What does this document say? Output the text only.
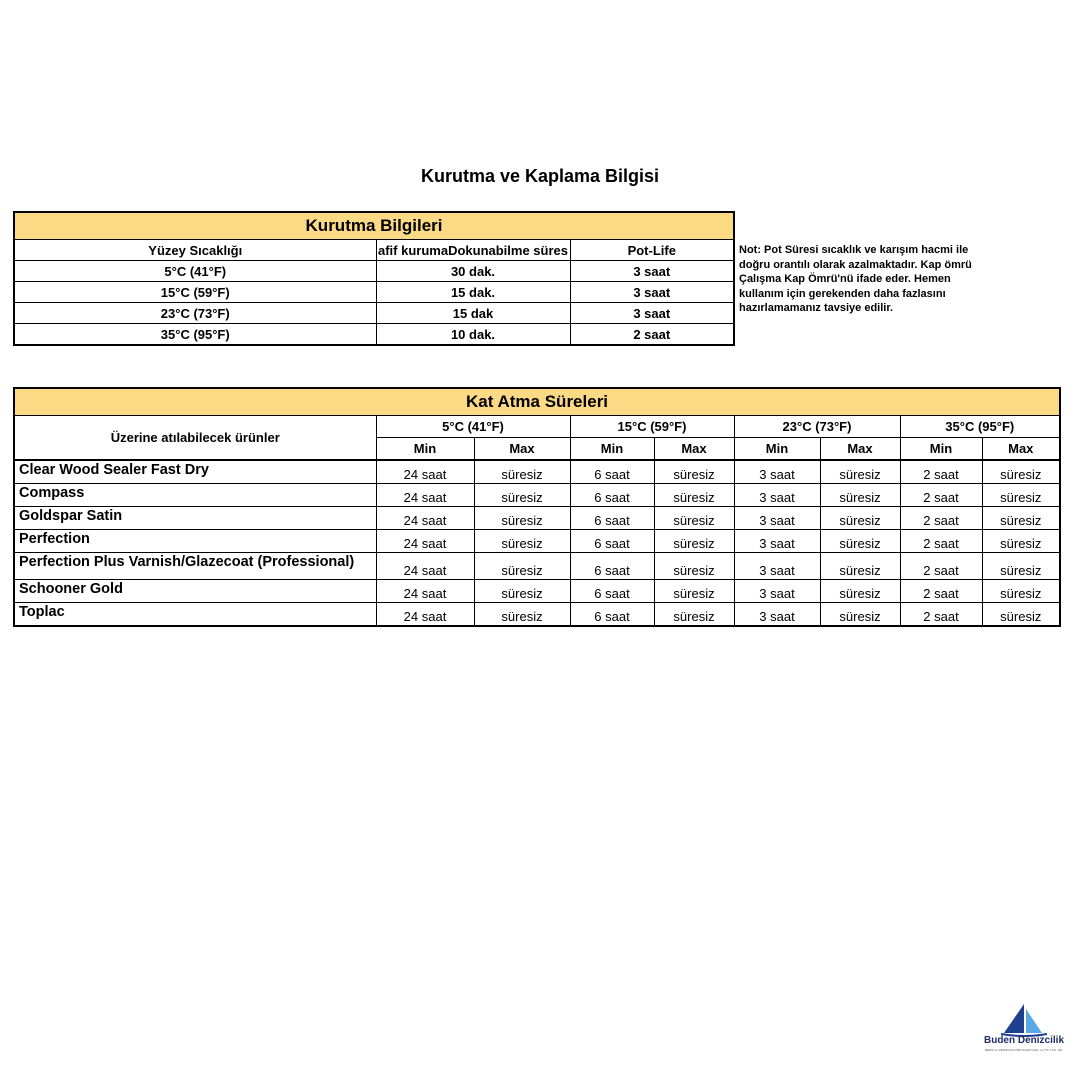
Kurutma ve Kaplama Bilgisi
Kurutma Bilgileri		
Yüzey Sıcaklığı	afif kurumaDokunabilme süres	Pot-Life
5°C (41°F)	30 dak.	3 saat
15°C (59°F)	15 dak.	3 saat
23°C (73°F)	15 dak	3 saat
35°C (95°F)	10 dak.	2 saat
Not: Pot Süresi sıcaklık ve karışım hacmi ile doğru orantılı olarak azalmaktadır. Kap ömrü Çalışma Kap Ömrü'nü ifade eder. Hemen kullanım için gerekenden daha fazlasını hazırlamamanız tavsiye edilir.
Kat Atma Süreleri								
Üzerine atılabilecek ürünler	5°C (41°F)		15°C (59°F)		23°C (73°F)		35°C (95°F)	
	Min	Max	Min	Max	Min	Max	Min	Max
Clear Wood Sealer Fast Dry	24 saat	süresiz	6 saat	süresiz	3 saat	süresiz	2 saat	süresiz
Compass	24 saat	süresiz	6 saat	süresiz	3 saat	süresiz	2 saat	süresiz
Goldspar Satin	24 saat	süresiz	6 saat	süresiz	3 saat	süresiz	2 saat	süresiz
Perfection	24 saat	süresiz	6 saat	süresiz	3 saat	süresiz	2 saat	süresiz
Perfection Plus Varnish/Glazecoat (Professional)	24 saat	süresiz	6 saat	süresiz	3 saat	süresiz	2 saat	süresiz
Schooner Gold	24 saat	süresiz	6 saat	süresiz	3 saat	süresiz	2 saat	süresiz
Toplac	24 saat	süresiz	6 saat	süresiz	3 saat	süresiz	2 saat	süresiz
Buden Denizcilik
DENİZ ve DENİZYOLU BOYALARI SAN. ve TİC. LTD. ŞTİ.
